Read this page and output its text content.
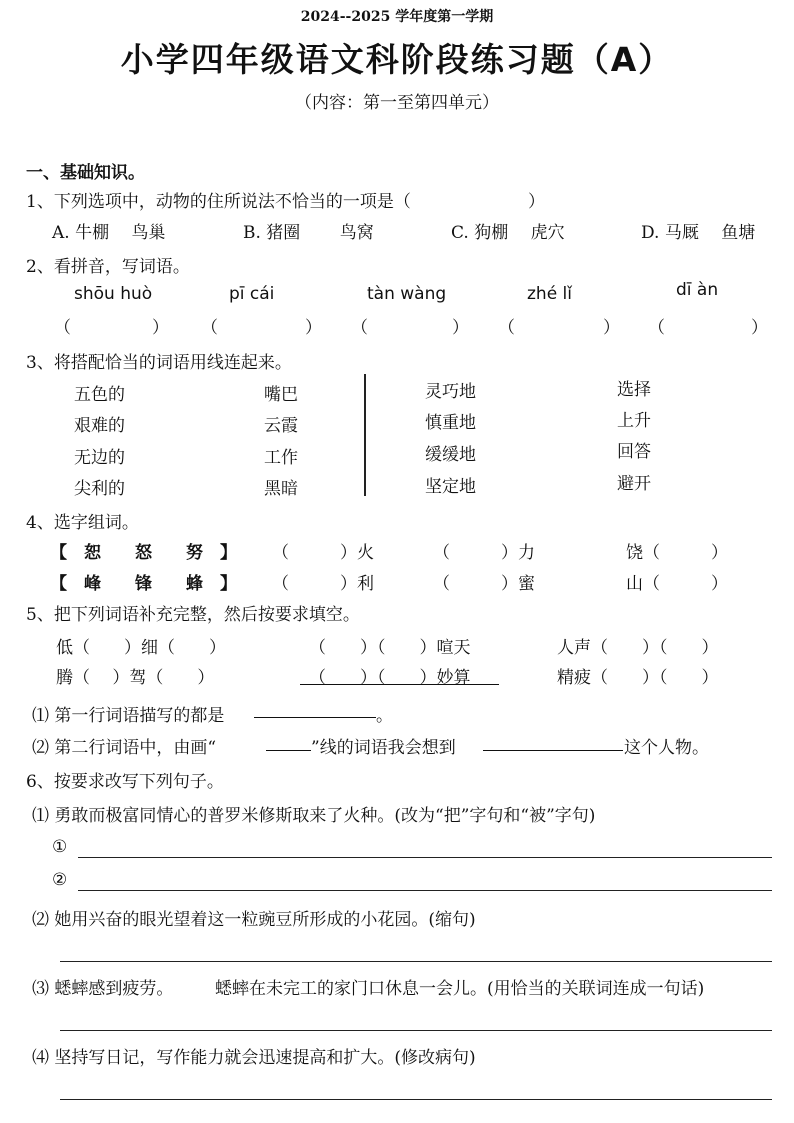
2024--2025 学年度第一学期
小学四年级语文科阶段练习题（A）
（内容：第一至第四单元）
一、基础知识。
1、下列选项中，动物的住所说法不恰当的一项是（	）
A. 牛棚　 鸟巢	B. 猪圈　　 鸟窝	C. 狗棚　 虎穴	D. 马厩　 鱼塘
2、看拼音，写词语。
shōu huò	pī cái	tàn wàng	zhé lǐ	dī àn
（	） （	） （	） （	） （	）
3、将搭配恰当的词语用线连起来。
五色的
艰难的
无边的
尖利的
嘴巴
云霞
工作
黑暗
灵巧地
慎重地
缓缓地
坚定地
选择
上升
回答
避开
4、选字组词。
【　恕　　怒　　努　】
【　峰　　锋　　蜂　】
（　　　）火	（　　　）力	饶（　　　）
（　　　）利	（　　　）蜜	山（　　　）
5、把下列词语补充完整，然后按要求填空。
低（　　）细（　　）	（　　）（　　）喧天	人声（　　）（　　）
腾（　 ）驾（　　）	（　　）（　　）妙算	精疲（　　）（　　）
⑴ 第一行词语描写的都是	。
⑵ 第二行词语中，由画“	”线的词语我会想到	这个人物。
6、按要求改写下列句子。
⑴ 勇敢而极富同情心的普罗米修斯取来了火种。(改为“把”字句和“被”字句)
①
②
⑵ 她用兴奋的眼光望着这一粒豌豆所形成的小花园。(缩句)
⑶ 蟋蟀感到疲劳。 蟋蟀在未完工的家门口休息一会儿。(用恰当的关联词连成一句话)
⑷ 坚持写日记，写作能力就会迅速提高和扩大。(修改病句)
